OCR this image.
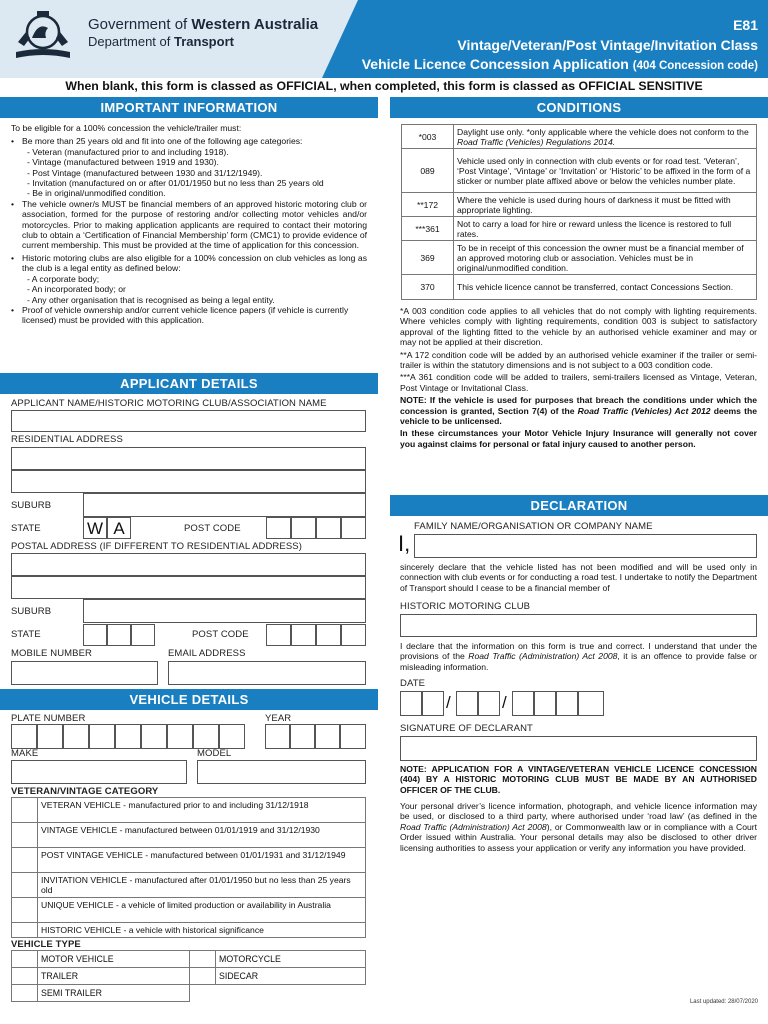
Government of Western Australia
Department of Transport
E81
Vintage/Veteran/Post Vintage/Invitation Class
Vehicle Licence Concession Application (404 Concession code)
When blank, this form is classed as OFFICIAL, when completed, this form is classed as OFFICIAL SENSITIVE
IMPORTANT INFORMATION
To be eligible for a 100% concession the vehicle/trailer must:
• Be more than 25 years old and fit into one of the following age categories:
- Veteran (manufactured prior to and including 1918).
- Vintage (manufactured between 1919 and 1930).
- Post Vintage (manufactured between 1930 and 31/12/1949).
- Invitation (manufactured on or after 01/01/1950 but no less than 25 years old
- Be in original/unmodified condition.
• The vehicle owner/s MUST be financial members of an approved historic motoring club or association, formed for the purpose of restoring and/or collecting motor vehicles and/or motorcycles. Prior to making application applicants are required to contact their motoring club to obtain a ‘Certification of Financial Membership’ form (CMC1) to provide evidence of current membership. This must be provided at the time of application for this concession.
• Historic motoring clubs are also eligible for a 100% concession on club vehicles as long as the club is a legal entity as defined below:
- A corporate body;
- An incorporated body; or
- Any other organisation that is recognised as being a legal entity.
• Proof of vehicle ownership and/or current vehicle licence papers (if vehicle is currently licensed) must be provided with this application.
APPLICANT DETAILS
APPLICANT NAME/HISTORIC MOTORING CLUB/ASSOCIATION NAME
RESIDENTIAL ADDRESS
SUBURB
STATE	W A	POST CODE
POSTAL ADDRESS (IF DIFFERENT TO RESIDENTIAL ADDRESS)
SUBURB
STATE	POST CODE
MOBILE NUMBER	EMAIL ADDRESS
VEHICLE DETAILS
PLATE NUMBER	YEAR
MAKE	MODEL
VETERAN/VINTAGE CATEGORY
	VETERAN VEHICLE - manufactured prior to and including 31/12/1918
	VINTAGE VEHICLE - manufactured between 01/01/1919 and 31/12/1930
	POST VINTAGE VEHICLE - manufactured between 01/01/1931 and 31/12/1949
	INVITATION VEHICLE - manufactured after 01/01/1950 but no less than 25 years old
	UNIQUE VEHICLE - a vehicle of limited production or availability in Australia
	HISTORIC VEHICLE - a vehicle with historical significance
VEHICLE TYPE
	MOTOR VEHICLE		MOTORCYCLE
	TRAILER		SIDECAR
	SEMI TRAILER		
CONDITIONS
*003	Daylight use only. *only applicable where the vehicle does not conform to the Road Traffic (Vehicles) Regulations 2014.
089	Vehicle used only in connection with club events or for road test. ‘Veteran’, ‘Post Vintage’, ‘Vintage’ or ‘Invitation’ or ‘Historic’ to be affixed in the form of a sticker or number plate affixed above or below the vehicles number plate.
**172	Where the vehicle is used during hours of darkness it must be fitted with appropriate lighting.
***361	Not to carry a load for hire or reward unless the licence is restored to full rates.
369	To be in receipt of this concession the owner must be a financial member of an approved motoring club or association. Vehicles must be in original/unmodified condition.
370	This vehicle licence cannot be transferred, contact Concessions Section.
*A 003 condition code applies to all vehicles that do not comply with lighting requirements. Where vehicles comply with lighting requirements, condition 003 is subject to satisfactory approval of the lighting fitted to the vehicle by an authorised vehicle examiner and may or may not be applied at their discretion.
**A 172 condition code will be added by an authorised vehicle examiner if the trailer or semi-trailer is within the statutory dimensions and is not subject to a 003 condition code.
***A 361 condition code will be added to trailers, semi-trailers licensed as Vintage, Veteran, Post Vintage or Invitational Class.
NOTE: If the vehicle is used for purposes that breach the conditions under which the concession is granted, Section 7(4) of the Road Traffic (Vehicles) Act 2012 deems the vehicle to be unlicensed.
In these circumstances your Motor Vehicle Injury Insurance will generally not cover you against claims for personal or fatal injury caused to another person.
DECLARATION
FAMILY NAME/ORGANISATION OR COMPANY NAME
I,
sincerely declare that the vehicle listed has not been modified and will be used only in connection with club events or for conducting a road test. I undertake to notify the Department of Transport should I cease to be a financial member of
HISTORIC MOTORING CLUB
I declare that the information on this form is true and correct. I understand that under the provisions of the Road Traffic (Administration) Act 2008, it is an offence to provide false or misleading information.
DATE
/	/
SIGNATURE OF DECLARANT
NOTE: APPLICATION FOR A VINTAGE/VETERAN VEHICLE LICENCE CONCESSION (404) BY A HISTORIC MOTORING CLUB MUST BE MADE BY AN AUTHORISED OFFICER OF THE CLUB.
Your personal driver’s licence information, photograph, and vehicle licence information may be used, or disclosed to a third party, where authorised under ‘road law’ (as defined in the Road Traffic (Administration) Act 2008), or Commonwealth law or in compliance with a Court Order issued within Australia. Your personal details may also be disclosed to other driver licensing authorities to assess your application or verify any information you have provided.
Last updated: 28/07/2020
